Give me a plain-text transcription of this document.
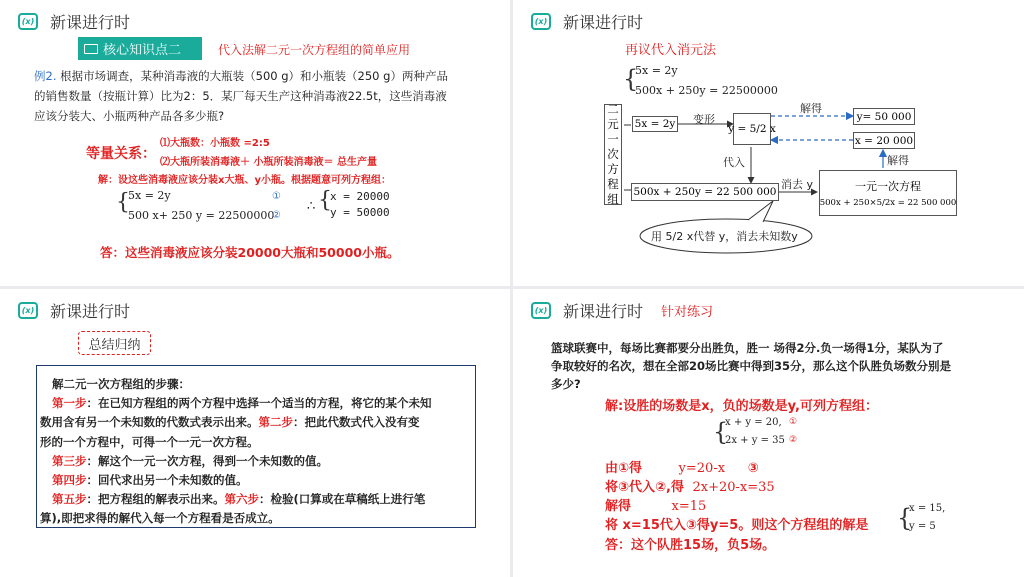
(x) 新课进行时
核心知识点二	代入法解二元一次方程组的简单应用
例2. 根据市场调查，某种消毒液的大瓶装（500 g）和小瓶装（250 g）两种产品
的销售数量（按瓶计算）比为2：5．某厂每天生产这种消毒液22.5t，这些消毒液
应该分装大、小瓶两种产品各多少瓶?
等量关系：
⑴大瓶数：小瓶数 =2:5
⑵大瓶所装消毒液＋ 小瓶所装消毒液＝ 总生产量
解：设这些消毒液应该分装x大瓶、y小瓶。根据题意可列方程组：
{
5x = 2y
500 x+ 250 y = 22500000
①
②
∴ {
x = 20000
y = 50000
答：这些消毒液应该分装20000大瓶和50000小瓶。
(x) 新课进行时
再议代入消元法
{
5x = 2y
500x + 250y = 22500000
二元一次方程组
5x = 2y	y = 5/2 x
500x + 250y = 22 500 000
y= 50 000
x = 20 000
一元一次方程
500x + 250×5/2x = 22 500 000
变形
解得
解得
代入
消去 y
用 5/2 x代替 y，消去未知数y
(x) 新课进行时
总结归纳
解二元一次方程组的步骤：
第一步：在已知方程组的两个方程中选择一个适当的方程，将它的某个未知
数用含有另一个未知数的代数式表示出来。第二步：把此代数式代入没有变
形的一个方程中，可得一个一元一次方程。
第三步：解这个一元一次方程，得到一个未知数的值。
第四步：回代求出另一个未知数的值。
第五步：把方程组的解表示出来。第六步：检验(口算或在草稿纸上进行笔
算),即把求得的解代入每一个方程看是否成立。
(x) 新课进行时 针对练习
篮球联赛中，每场比赛都要分出胜负，胜一 场得2分.负一场得1分，某队为了
争取较好的名次，想在全部20场比赛中得到35分，那么这个队胜负场数分别是
多少?
解:设胜的场数是x，负的场数是y,可列方程组：
{
x + y = 20,
2x + y = 35
①
②
由①得	y=20-x ③
将③代入②,得 2x+20-x=35
解得	x=15
将 x=15代入③得y=5。则这个方程组的解是 {
x = 15,
y = 5
答：这个队胜15场，负5场。
